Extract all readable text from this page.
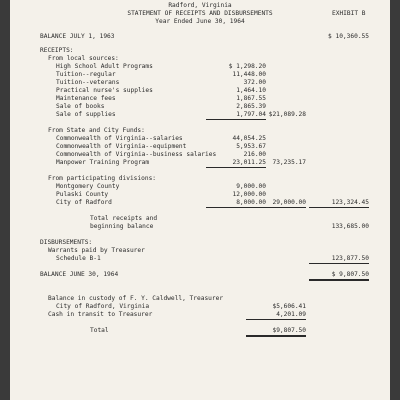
Radford, Virginia
STATEMENT OF RECEIPTS AND DISBURSEMENTS
Year Ended June 30, 1964
EXHIBIT B
BALANCE JULY 1, 1963	$ 10,360.55
RECEIPTS:
From local sources:
High School Adult Programs	$ 1,298.20
Tuition--regular	11,448.00
Tuition--veterans	372.00
Practical nurse's supplies	1,464.10
Maintenance fees	1,867.55
Sale of books	2,865.39
Sale of supplies	1,797.04 $21,089.28
From State and City Funds:
Commonwealth of Virginia--salaries	44,054.25
Commonwealth of Virginia--equipment	5,953.67
Commonwealth of Virginia--business salaries	216.00
Manpower Training Program	23,011.25	73,235.17
From participating divisions:
Montgomery County	9,000.00
Pulaski County	12,000.00
City of Radford	8,000.00	29,000.00	123,324.45
Total receipts and
beginning balance	133,685.00
DISBURSEMENTS:
Warrants paid by Treasurer
Schedule B-1	123,877.50
BALANCE JUNE 30, 1964	$ 9,807.50
Balance in custody of F. Y. Caldwell, Treasurer
City of Radford, Virginia	$5,606.41
Cash in transit to Treasurer	4,201.09
Total	$9,807.50
